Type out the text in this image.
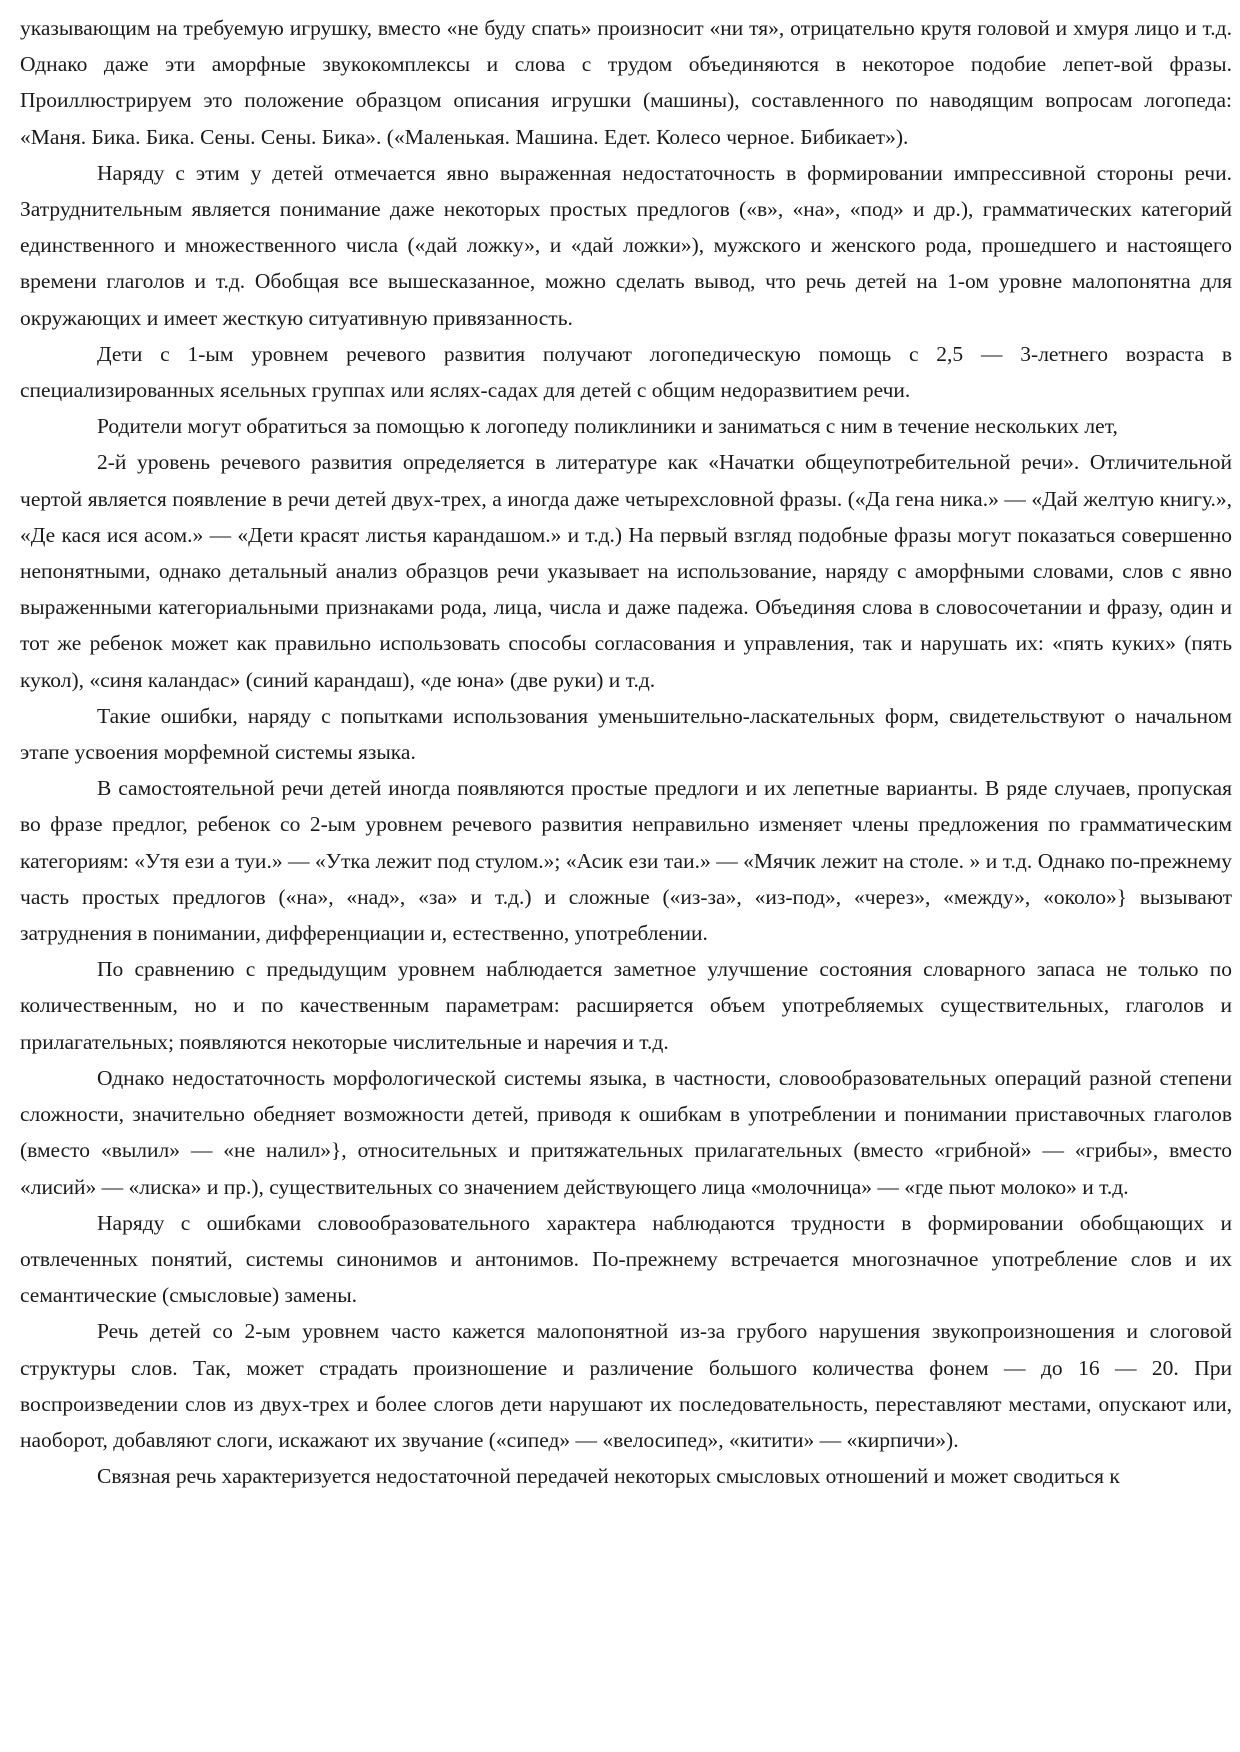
указывающим на требуемую игрушку, вместо «не буду спать» произносит «ни тя», отрицательно крутя головой и хмуря лицо и т.д. Однако даже эти аморфные звукокомплексы и слова с трудом объединяются в некоторое подобие лепет-вой фразы. Проиллюстрируем это положение образцом описания игрушки (машины), составленного по наводящим вопросам логопеда: «Маня. Бика. Бика. Сены. Сены. Бика». («Маленькая. Машина. Едет. Колесо черное. Бибикает»).

Наряду с этим у детей отмечается явно выраженная недостаточность в формировании импрессивной стороны речи. Затруднительным является понимание даже некоторых простых предлогов («в», «на», «под» и др.), грамматических категорий единственного и множественного числа («дай ложку», и «дай ложки»), мужского и женского рода, прошедшего и настоящего времени глаголов и т.д. Обобщая все вышесказанное, можно сделать вывод, что речь детей на 1-ом уровне малопонятна для окружающих и имеет жесткую ситуативную привязанность.

Дети с 1-ым уровнем речевого развития получают логопедическую помощь с 2,5 — 3-летнего возраста в специализированных ясельных группах или яслях-садах для детей с общим недоразвитием речи.

Родители могут обратиться за помощью к логопеду поликлиники и заниматься с ним в течение нескольких лет,

2-й уровень речевого развития определяется в литературе как «Начатки общеупотребительной речи». Отличительной чертой является появление в речи детей двух-трех, а иногда даже четырехсловной фразы. («Да гена ника.» — «Дай желтую книгу.», «Де кася ися асом.» — «Дети красят листья карандашом.» и т.д.) На первый взгляд подобные фразы могут показаться совершенно непонятными, однако детальный анализ образцов речи указывает на использование, наряду с аморфными словами, слов с явно выраженными категориальными признаками рода, лица, числа и даже падежа. Объединяя слова в словосочетании и фразу, один и тот же ребенок может как правильно использовать способы согласования и управления, так и нарушать их: «пять куких» (пять кукол), «синя каландас» (синий карандаш), «де юна» (две руки) и т.д.

Такие ошибки, наряду с попытками использования уменьшительно-ласкательных форм, свидетельствуют о начальном этапе усвоения морфемной системы языка.

В самостоятельной речи детей иногда появляются простые предлоги и их лепетные варианты. В ряде случаев, пропуская во фразе предлог, ребенок со 2-ым уровнем речевого развития неправильно изменяет члены предложения по грамматическим категориям: «Утя ези а туи.» — «Утка лежит под стулом.»; «Асик ези таи.» — «Мячик лежит на столе. » и т.д. Однако по-прежнему часть простых предлогов («на», «над», «за» и т.д.) и сложные («из-за», «из-под», «через», «между», «около»} вызывают затруднения в понимании, дифференциации и, естественно, употреблении.

По сравнению с предыдущим уровнем наблюдается заметное улучшение состояния словарного запаса не только по количественным, но и по качественным параметрам: расширяется объем употребляемых существительных, глаголов и прилагательных; появляются некоторые числительные и наречия и т.д.

Однако недостаточность морфологической системы языка, в частности, словообразовательных операций разной степени сложности, значительно обедняет возможности детей, приводя к ошибкам в употреблении и понимании приставочных глаголов (вместо «вылил» — «не налил»}, относительных и притяжательных прилагательных (вместо «грибной» — «грибы», вместо «лисий» — «лиска» и пр.), существительных со значением действующего лица «молочница» — «где пьют молоко» и т.д.

Наряду с ошибками словообразовательного характера наблюдаются трудности в формировании обобщающих и отвлеченных понятий, системы синонимов и антонимов. По-прежнему встречается многозначное употребление слов и их семантические (смысловые) замены.

Речь детей со 2-ым уровнем часто кажется малопонятной из-за грубого нарушения звукопроизношения и слоговой структуры слов. Так, может страдать произношение и различение большого количества фонем — до 16 — 20. При воспроизведении слов из двух-трех и более слогов дети нарушают их последовательность, переставляют местами, опускают или, наоборот, добавляют слоги, искажают их звучание («сипед» — «велосипед», «китити» — «кирпичи»).

Связная речь характеризуется недостаточной передачей некоторых смысловых отношений и может сводиться к
